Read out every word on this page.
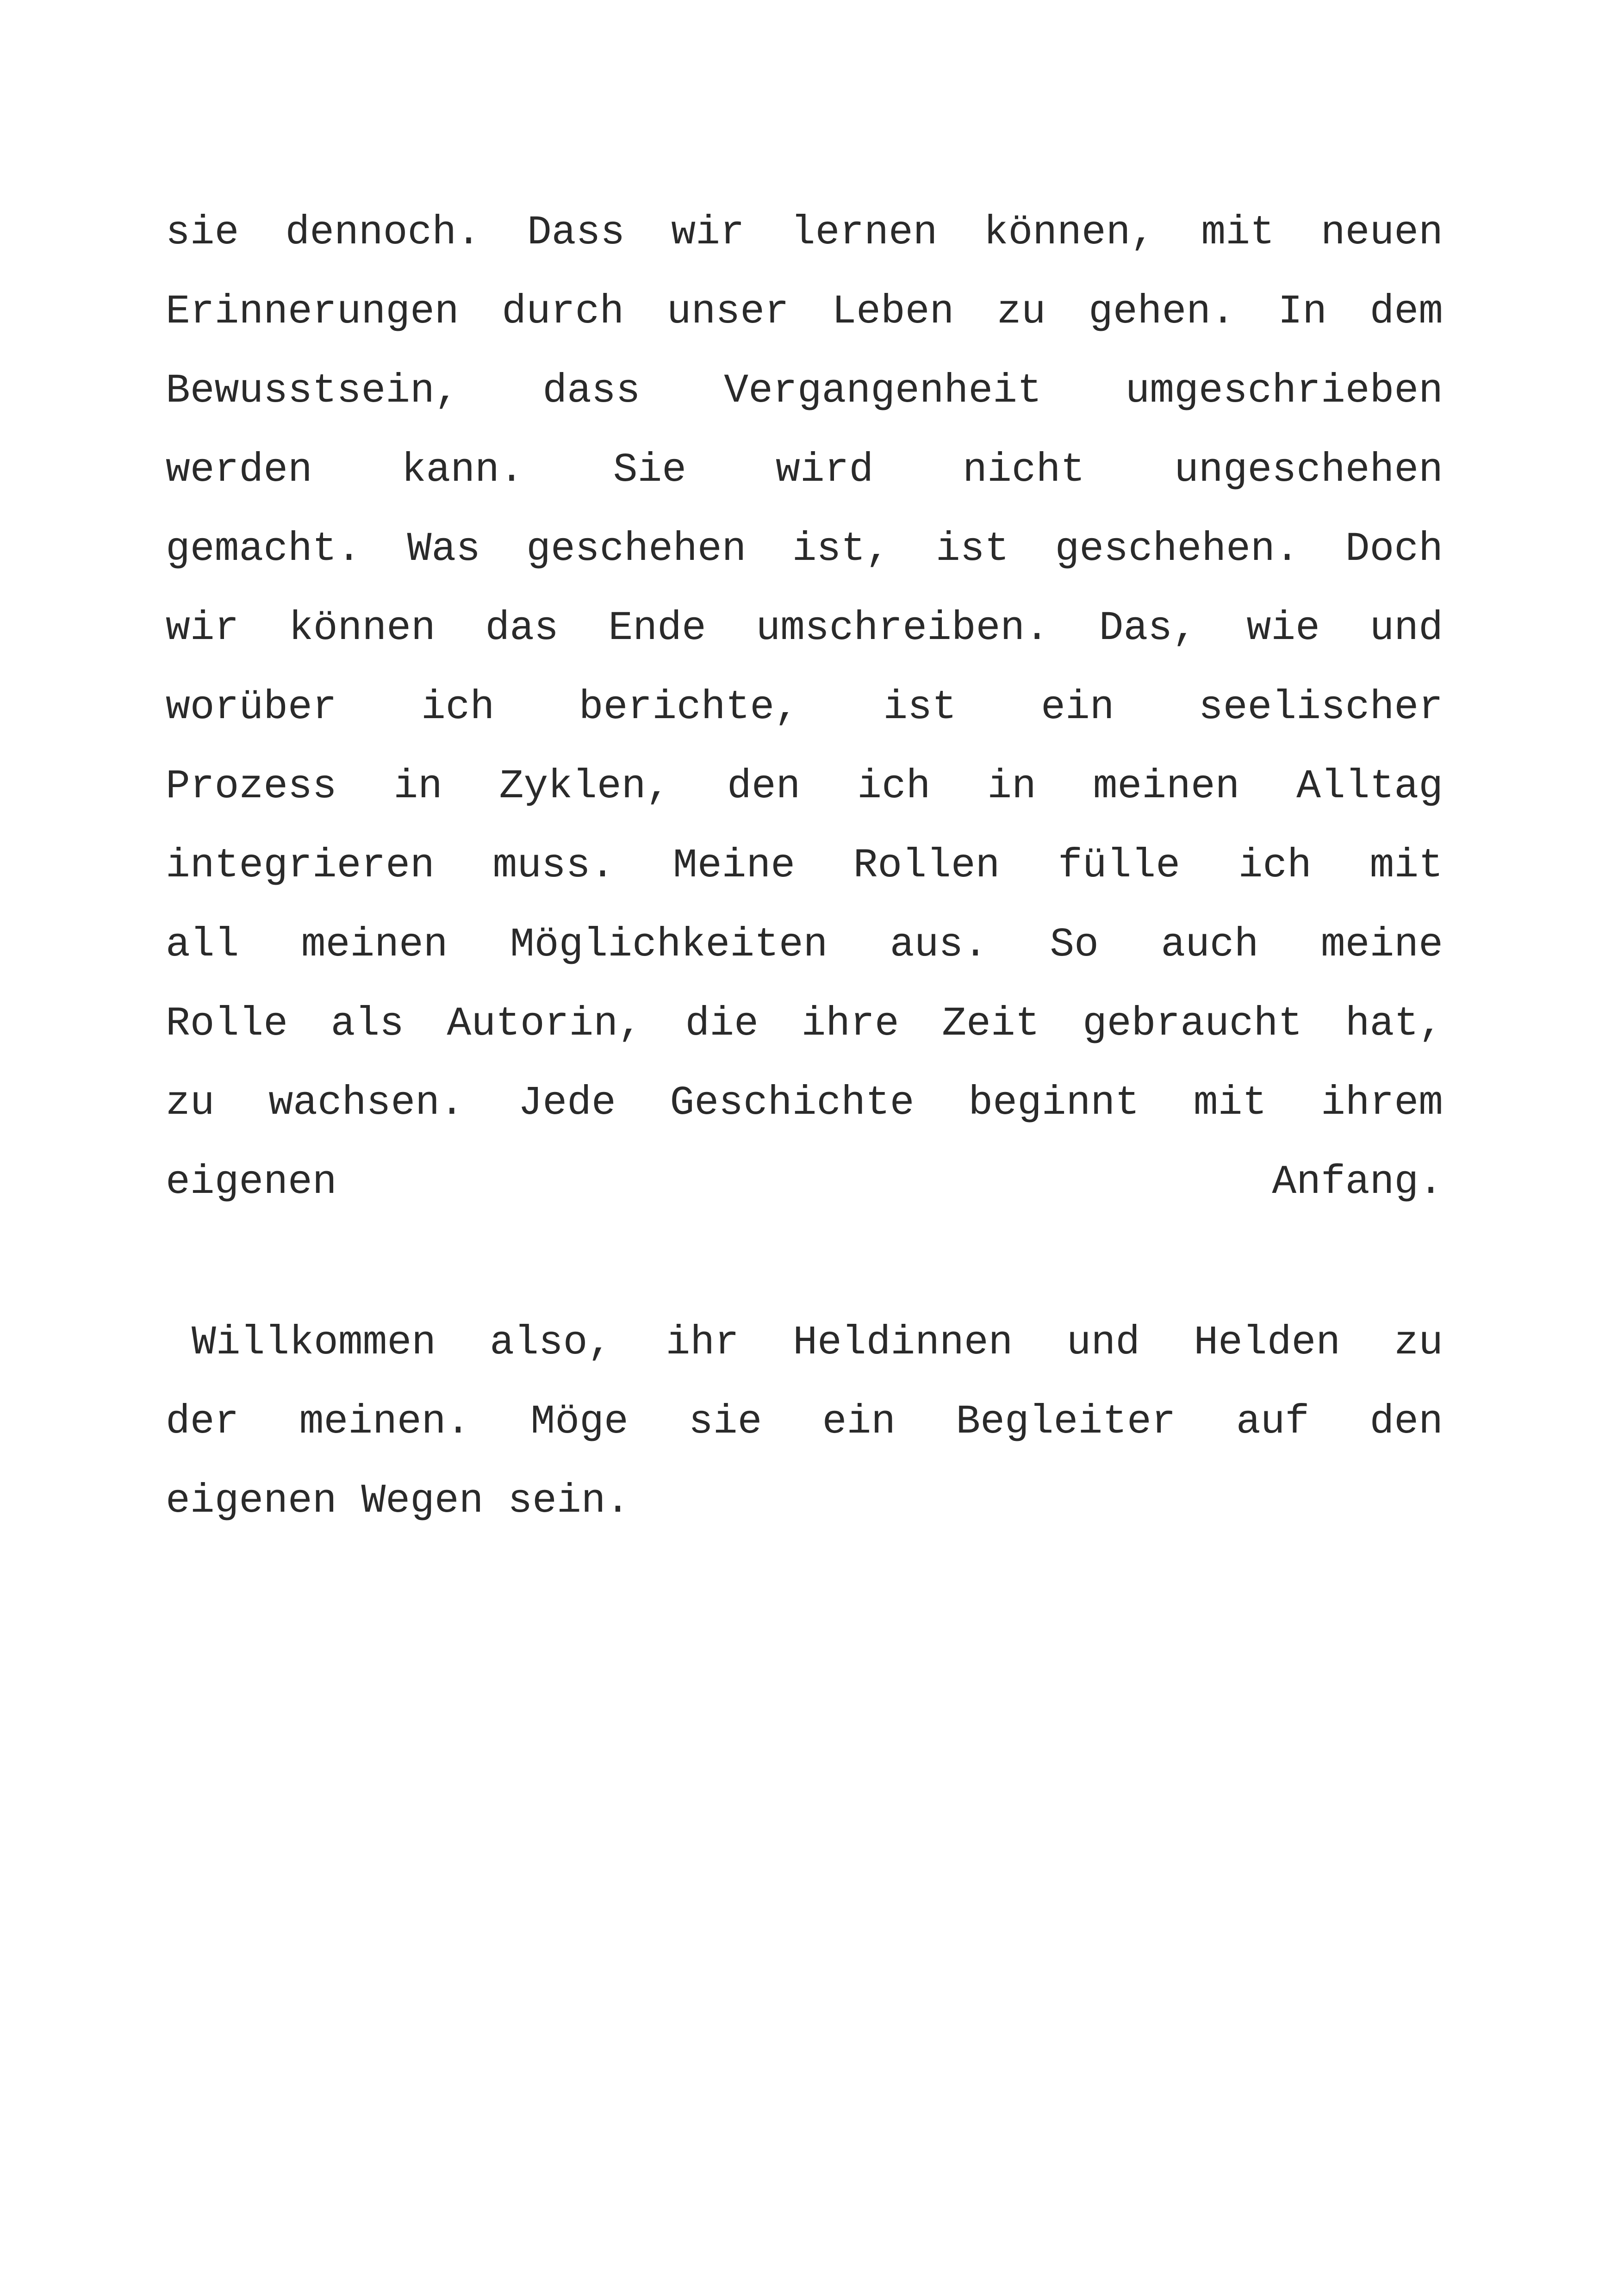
sie dennoch. Dass wir lernen können, mit neuen
Erinnerungen durch unser Leben zu gehen. In dem
Bewusstsein, dass Vergangenheit umgeschrieben
werden kann. Sie wird nicht ungeschehen
gemacht. Was geschehen ist, ist geschehen. Doch
wir können das Ende umschreiben. Das, wie und
worüber ich berichte, ist ein seelischer
Prozess in Zyklen, den ich in meinen Alltag
integrieren muss. Meine Rollen fülle ich mit
all meinen Möglichkeiten aus. So auch meine
Rolle als Autorin, die ihre Zeit gebraucht hat,
zu wachsen. Jede Geschichte beginnt mit ihrem
eigenen	Anfang.
Willkommen also, ihr Heldinnen und Helden zu
der meinen. Möge sie ein Begleiter auf den
eigenen Wegen sein.
